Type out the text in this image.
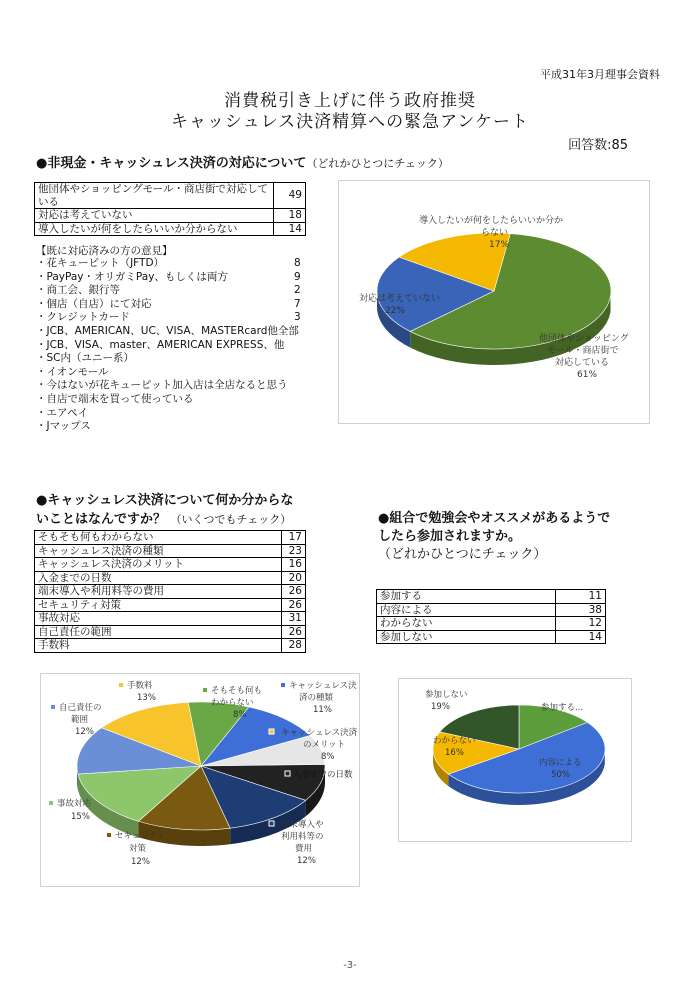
平成31年3月理事会資料
消費税引き上げに伴う政府推奨
キャッシュレス決済精算への緊急アンケート
回答数:85
●非現金・キャッシュレス決済の対応について（どれかひとつにチェック）
他団体やショッピングモール・商店街で対応している	49
対応は考えていない	18
導入したいが何をしたらいいか分からない	14
【既に対応済みの方の意見】
・花キューピット（JFTD）	8
・PayPay・オリガミPay、もしくは両方	9
・商工会、銀行等	2
・個店（自店）にて対応	7
・クレジットカード	3
・JCB、AMERICAN、UC、VISA、MASTERcard他全部
・JCB、VISA、master、AMERICAN EXPRESS、他
・SC内（ユニー系）
・イオンモール
・今はないが花キューピット加入店は全店なると思う
・自店で端末を買って使っている
・エアペイ
・Jマップス
導入したいが何をしたらいいか分か
らない
17%
対応は考えていない
22%
他団体やショッピング
モール・商店街で
対応している
61%
●キャッシュレス決済について何か分からな
いことはなんですか？ （いくつでもチェック）
そもそも何もわからない	17
キャッシュレス決済の種類	23
キャッシュレス決済のメリット	16
入金までの日数	20
端末導入や利用料等の費用	26
セキュリティ対策	26
事故対応	31
自己責任の範囲	26
手数料	28
●組合で勉強会やオススメがあるようで
したら参加されますか。
（どれかひとつにチェック）
参加する	11
内容による	38
わからない	12
参加しない	14
手数料
13%
そもそも何も
わからない
8%
キャッシュレス決
済の種類
11%
自己責任の
範囲
12%	キャッシュレス決済
のメリット
8%
入金までの日数
事故対応
15%
端末導入や
利用料等の
費用
12%
セキュリティ
対策
12%
参加しない
19%	参加する...
わからない
16%
内容による
50%
-3-
